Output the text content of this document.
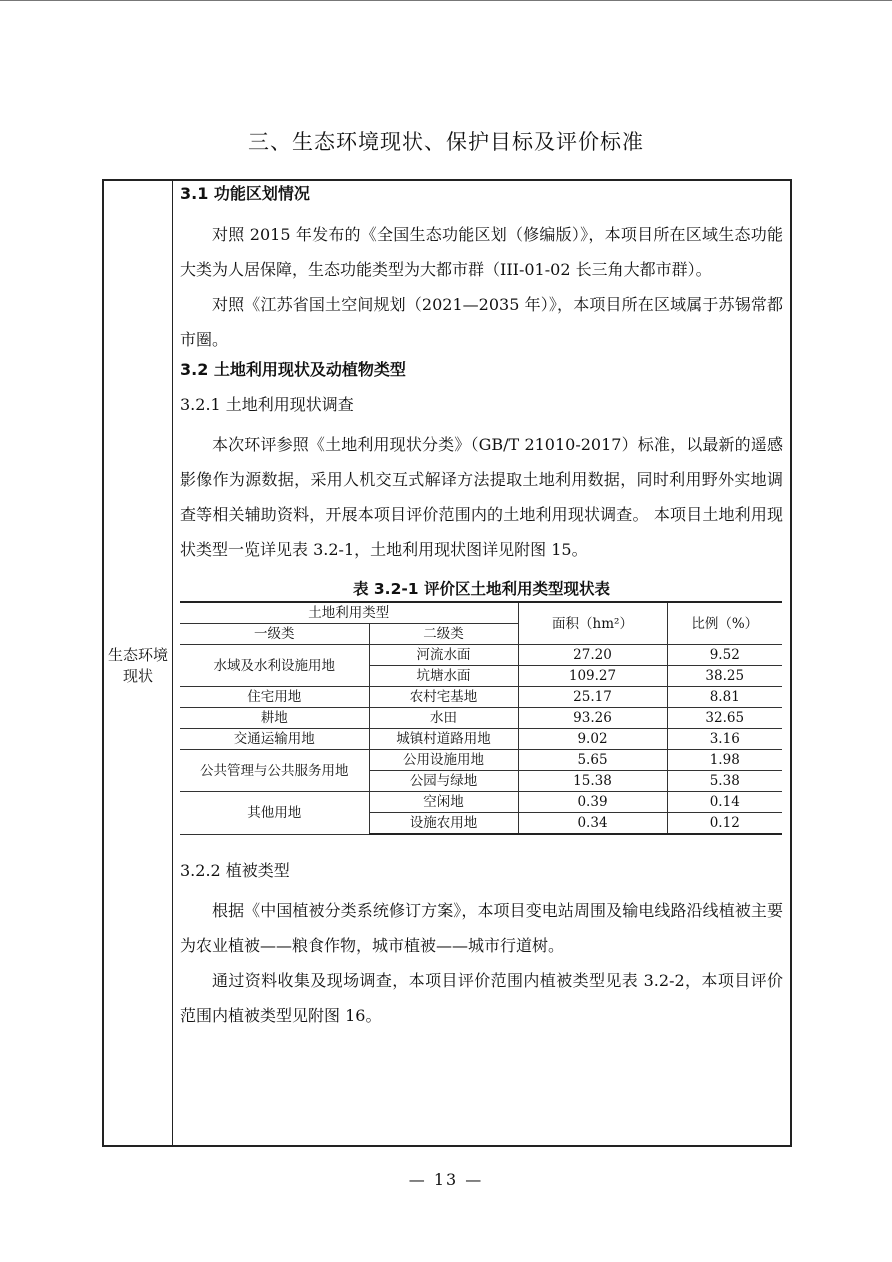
三、生态环境现状、保护目标及评价标准
生态环境现状
3.1 功能区划情况
对照 2015 年发布的《全国生态功能区划（修编版）》，本项目所在区域生态功能大类为人居保障，生态功能类型为大都市群（III-01-02 长三角大都市群）。
对照《江苏省国土空间规划（2021—2035 年）》，本项目所在区域属于苏锡常都市圈。
3.2 土地利用现状及动植物类型
3.2.1 土地利用现状调查
本次环评参照《土地利用现状分类》（GB/T 21010-2017）标准，以最新的遥感影像作为源数据，采用人机交互式解译方法提取土地利用数据，同时利用野外实地调查等相关辅助资料，开展本项目评价范围内的土地利用现状调查。 本项目土地利用现状类型一览详见表 3.2-1，土地利用现状图详见附图 15。
表 3.2-1 评价区土地利用类型现状表
土地利用类型		面积（hm²）	比例（%）
一级类	二级类		
水域及水利设施用地	河流水面	27.20	9.52
	坑塘水面	109.27	38.25
住宅用地	农村宅基地	25.17	8.81
耕地	水田	93.26	32.65
交通运输用地	城镇村道路用地	9.02	3.16
公共管理与公共服务用地	公用设施用地	5.65	1.98
	公园与绿地	15.38	5.38
其他用地	空闲地	0.39	0.14
	设施农用地	0.34	0.12
3.2.2 植被类型
根据《中国植被分类系统修订方案》，本项目变电站周围及输电线路沿线植被主要为农业植被——粮食作物，城市植被——城市行道树。
通过资料收集及现场调查，本项目评价范围内植被类型见表 3.2-2，本项目评价范围内植被类型见附图 16。
— 13 —
